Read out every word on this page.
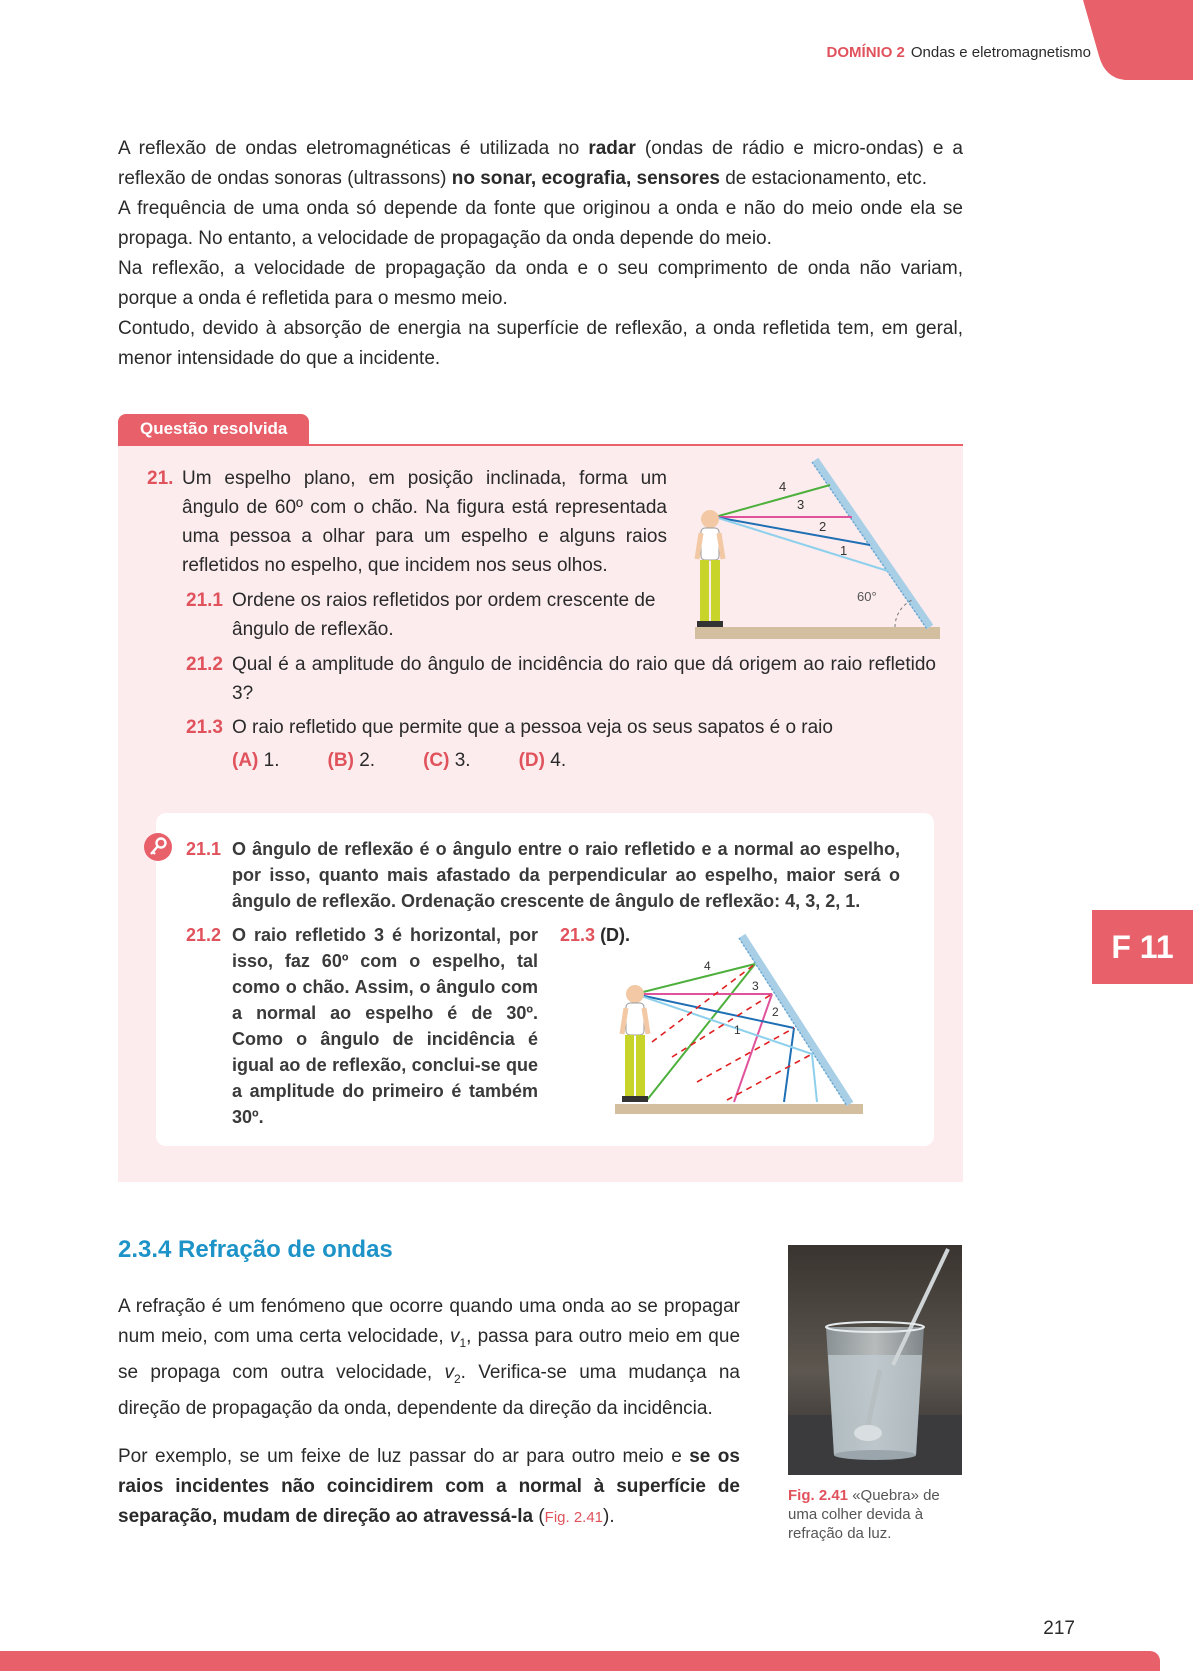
DOMÍNIO 2 Ondas e eletromagnetismo

A reflexão de ondas eletromagnéticas é utilizada no radar (ondas de rádio e micro-ondas) e a reflexão de ondas sonoras (ultrassons) no sonar, ecografia, sensores de estacionamento, etc.

A frequência de uma onda só depende da fonte que originou a onda e não do meio onde ela se propaga. No entanto, a velocidade de propagação da onda depende do meio.

Na reflexão, a velocidade de propagação da onda e o seu comprimento de onda não variam, porque a onda é refletida para o mesmo meio.

Contudo, devido à absorção de energia na superfície de reflexão, a onda refletida tem, em geral, menor intensidade do que a incidente.

Questão resolvida
21. Um espelho plano, em posição inclinada, forma um ângulo de 60º com o chão. Na figura está representada uma pessoa a olhar para um espelho e alguns raios refletidos no espelho, que incidem nos seus olhos.
21.1 Ordene os raios refletidos por ordem crescente de ângulo de reflexão.
21.2 Qual é a amplitude do ângulo de incidência do raio que dá origem ao raio refletido 3?
21.3 O raio refletido que permite que a pessoa veja os seus sapatos é o raio
(A) 1.	(B) 2.	(C) 3.	(D) 4.
4
3
2
1
60°
21.1 O ângulo de reflexão é o ângulo entre o raio refletido e a normal ao espelho, por isso, quanto mais afastado da perpendicular ao espelho, maior será o ângulo de reflexão. Ordenação crescente de ângulo de reflexão: 4, 3, 2, 1.
21.2 O raio refletido 3 é horizontal, por isso, faz 60º com o espelho, tal como o chão. Assim, o ângulo com a normal ao espelho é de 30º. Como o ângulo de incidência é igual ao de reflexão, conclui-se que a amplitude do primeiro é também 30º.
21.3 (D).
4
3
2
1
2.3.4 Refração de ondas

A refração é um fenómeno que ocorre quando uma onda ao se propagar num meio, com uma certa velocidade, $v_1$, passa para outro meio em que se propaga com outra velocidade, $v_2$. Verifica-se uma mudança na direção de propagação da onda, dependente da direção da incidência.

Por exemplo, se um feixe de luz passar do ar para outro meio e se os raios incidentes não coincidirem com a normal à superfície de separação, mudam de direção ao atravessá-la (Fig. 2.41).

Fig. 2.41 «Quebra» de uma colher devida à refração da luz.
F 11
217
